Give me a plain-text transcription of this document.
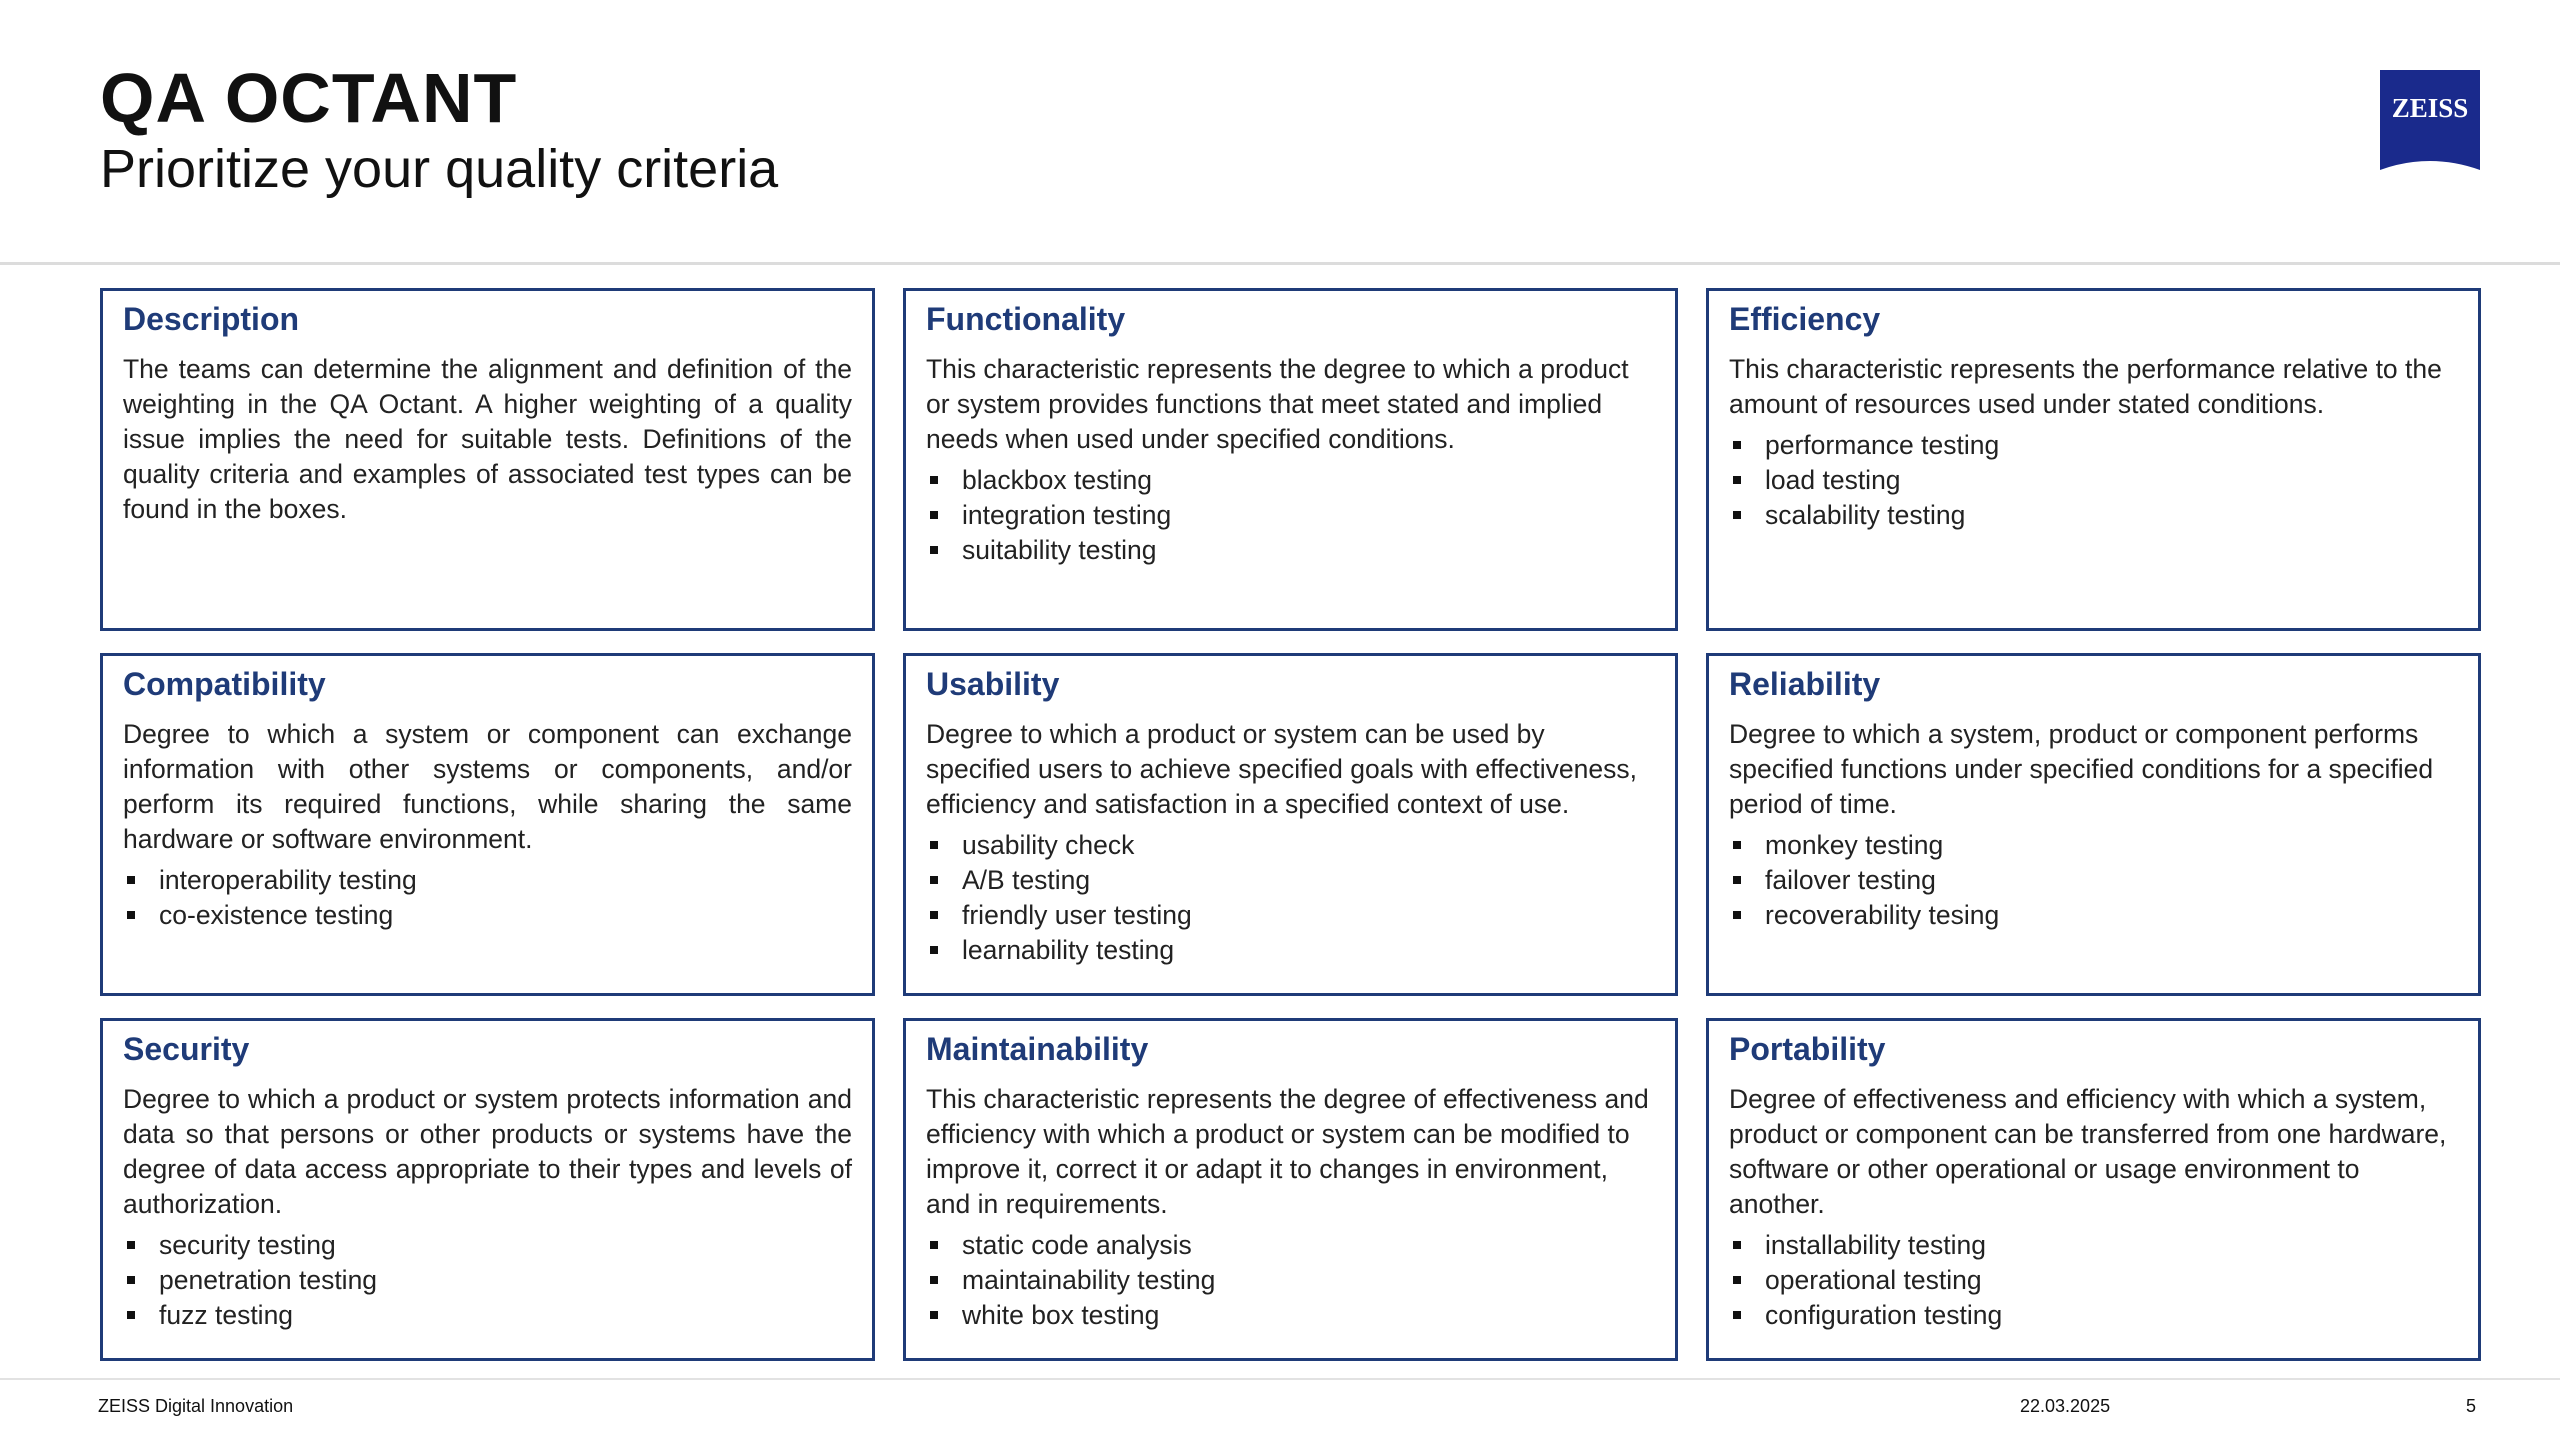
QA OCTANT
Prioritize your quality criteria
ZEISS
Description

The teams can determine the alignment and definition of the weighting in the QA Octant. A higher weighting of a quality issue implies the need for suitable tests. Definitions of the quality criteria and examples of associated test types can be found in the boxes.

Functionality

This characteristic represents the degree to which a product or system provides functions that meet stated and implied needs when used under specified conditions.

blackbox testing
integration testing
suitability testing
Efficiency

This characteristic represents the performance relative to the amount of resources used under stated conditions.

performance testing
load testing
scalability testing
Compatibility

Degree to which a system or component can exchange information with other systems or components, and/or perform its required functions, while sharing the same hardware or software environment.

interoperability testing
co-existence testing
Usability

Degree to which a product or system can be used by specified users to achieve specified goals with effectiveness, efficiency and satisfaction in a specified context of use.

usability check
A/B testing
friendly user testing
learnability testing
Reliability

Degree to which a system, product or component performs specified functions under specified conditions for a specified period of time.

monkey testing
failover testing
recoverability tesing
Security

Degree to which a product or system protects information and data so that persons or other products or systems have the degree of data access appropriate to their types and levels of authorization.

security testing
penetration testing
fuzz testing
Maintainability

This characteristic represents the degree of effectiveness and efficiency with which a product or system can be modified to improve it, correct it or adapt it to changes in environment, and in requirements.

static code analysis
maintainability testing
white box testing
Portability

Degree of effectiveness and efficiency with which a system, product or component can be transferred from one hardware, software or other operational or usage environment to another.

installability testing
operational testing
configuration testing
ZEISS Digital Innovation	22.03.2025	5
